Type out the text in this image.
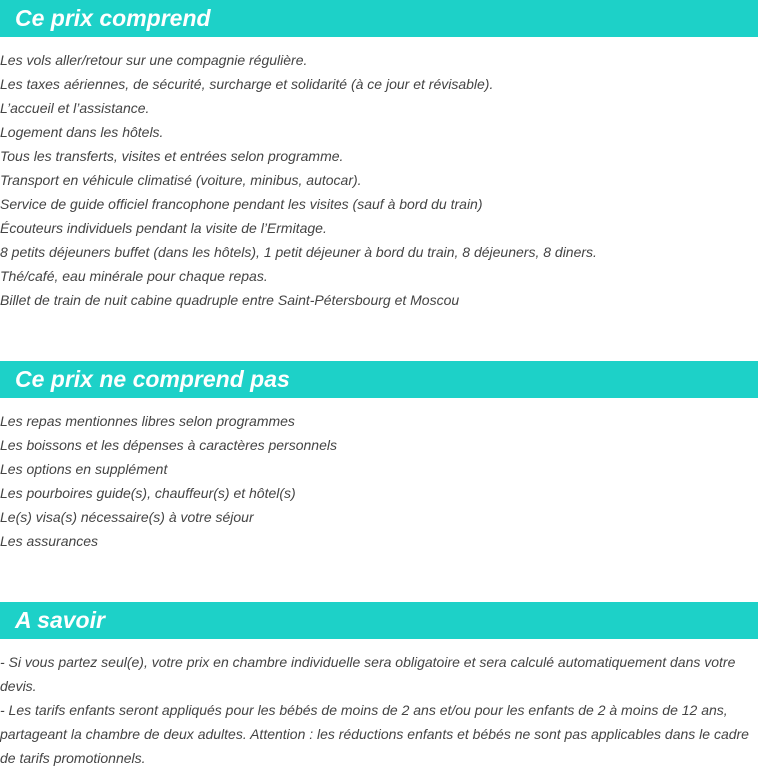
Ce prix comprend
Les vols aller/retour sur une compagnie régulière.
Les taxes aériennes, de sécurité, surcharge et solidarité (à ce jour et révisable).
L’accueil et l’assistance.
Logement dans les hôtels.
Tous les transferts, visites et entrées selon programme.
Transport en véhicule climatisé (voiture, minibus, autocar).
Service de guide officiel francophone pendant les visites (sauf à bord du train)
Écouteurs individuels pendant la visite de l’Ermitage.
8 petits déjeuners buffet (dans les hôtels), 1 petit déjeuner à bord du train, 8 déjeuners, 8 diners.
Thé/café, eau minérale pour chaque repas.
Billet de train de nuit cabine quadruple entre Saint-Pétersbourg et Moscou
Ce prix ne comprend pas
Les repas mentionnes libres selon programmes
Les boissons et les dépenses à caractères personnels
Les options en supplément
Les pourboires guide(s), chauffeur(s) et hôtel(s)
Le(s) visa(s) nécessaire(s) à votre séjour
Les assurances
A savoir

- Si vous partez seul(e), votre prix en chambre individuelle sera obligatoire et sera calculé automatiquement dans votre devis.

- Les tarifs enfants seront appliqués pour les bébés de moins de 2 ans et/ou pour les enfants de 2 à moins de 12 ans, partageant la chambre de deux adultes. Attention : les réductions enfants et bébés ne sont pas applicables dans le cadre de tarifs promotionnels.
